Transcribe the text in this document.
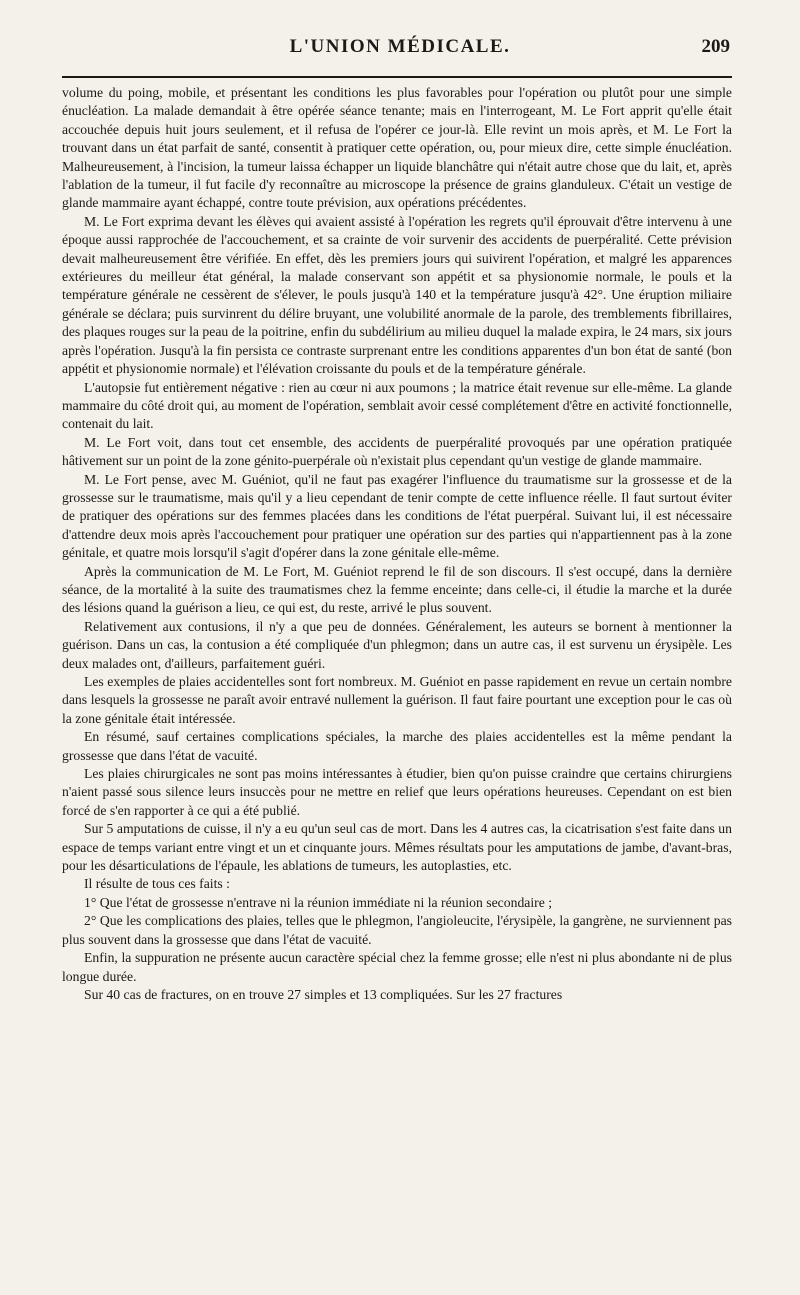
L'UNION MÉDICALE.	209

volume du poing, mobile, et présentant les conditions les plus favorables pour l'opération ou plutôt pour une simple énucléation. La malade demandait à être opérée séance tenante; mais en l'interrogeant, M. Le Fort apprit qu'elle était accouchée depuis huit jours seulement, et il refusa de l'opérer ce jour-là. Elle revint un mois après, et M. Le Fort la trouvant dans un état parfait de santé, consentit à pratiquer cette opération, ou, pour mieux dire, cette simple énucléation. Malheureusement, à l'incision, la tumeur laissa échapper un liquide blanchâtre qui n'était autre chose que du lait, et, après l'ablation de la tumeur, il fut facile d'y reconnaître au microscope la présence de grains glanduleux. C'était un vestige de glande mammaire ayant échappé, contre toute prévision, aux opérations précédentes.

M. Le Fort exprima devant les élèves qui avaient assisté à l'opération les regrets qu'il éprouvait d'être intervenu à une époque aussi rapprochée de l'accouchement, et sa crainte de voir survenir des accidents de puerpéralité. Cette prévision devait malheureusement être vérifiée. En effet, dès les premiers jours qui suivirent l'opération, et malgré les apparences extérieures du meilleur état général, la malade conservant son appétit et sa physionomie normale, le pouls et la température générale ne cessèrent de s'élever, le pouls jusqu'à 140 et la température jusqu'à 42°. Une éruption miliaire générale se déclara; puis survinrent du délire bruyant, une volubilité anormale de la parole, des tremblements fibrillaires, des plaques rouges sur la peau de la poitrine, enfin du subdélirium au milieu duquel la malade expira, le 24 mars, six jours après l'opération. Jusqu'à la fin persista ce contraste surprenant entre les conditions apparentes d'un bon état de santé (bon appétit et physionomie normale) et l'élévation croissante du pouls et de la température générale.

L'autopsie fut entièrement négative : rien au cœur ni aux poumons ; la matrice était revenue sur elle-même. La glande mammaire du côté droit qui, au moment de l'opération, semblait avoir cessé complétement d'être en activité fonctionnelle, contenait du lait.

M. Le Fort voit, dans tout cet ensemble, des accidents de puerpéralité provoqués par une opération pratiquée hâtivement sur un point de la zone génito-puerpérale où n'existait plus cependant qu'un vestige de glande mammaire.

M. Le Fort pense, avec M. Guéniot, qu'il ne faut pas exagérer l'influence du traumatisme sur la grossesse et de la grossesse sur le traumatisme, mais qu'il y a lieu cependant de tenir compte de cette influence réelle. Il faut surtout éviter de pratiquer des opérations sur des femmes placées dans les conditions de l'état puerpéral. Suivant lui, il est nécessaire d'attendre deux mois après l'accouchement pour pratiquer une opération sur des parties qui n'appartiennent pas à la zone génitale, et quatre mois lorsqu'il s'agit d'opérer dans la zone génitale elle-même.

Après la communication de M. Le Fort, M. Guéniot reprend le fil de son discours. Il s'est occupé, dans la dernière séance, de la mortalité à la suite des traumatismes chez la femme enceinte; dans celle-ci, il étudie la marche et la durée des lésions quand la guérison a lieu, ce qui est, du reste, arrivé le plus souvent.

Relativement aux contusions, il n'y a que peu de données. Généralement, les auteurs se bornent à mentionner la guérison. Dans un cas, la contusion a été compliquée d'un phlegmon; dans un autre cas, il est survenu un érysipèle. Les deux malades ont, d'ailleurs, parfaitement guéri.

Les exemples de plaies accidentelles sont fort nombreux. M. Guéniot en passe rapidement en revue un certain nombre dans lesquels la grossesse ne paraît avoir entravé nullement la guérison. Il faut faire pourtant une exception pour le cas où la zone génitale était intéressée.

En résumé, sauf certaines complications spéciales, la marche des plaies accidentelles est la même pendant la grossesse que dans l'état de vacuité.

Les plaies chirurgicales ne sont pas moins intéressantes à étudier, bien qu'on puisse craindre que certains chirurgiens n'aient passé sous silence leurs insuccès pour ne mettre en relief que leurs opérations heureuses. Cependant on est bien forcé de s'en rapporter à ce qui a été publié.

Sur 5 amputations de cuisse, il n'y a eu qu'un seul cas de mort. Dans les 4 autres cas, la cicatrisation s'est faite dans un espace de temps variant entre vingt et un et cinquante jours. Mêmes résultats pour les amputations de jambe, d'avant-bras, pour les désarticulations de l'épaule, les ablations de tumeurs, les autoplasties, etc.

Il résulte de tous ces faits :

1° Que l'état de grossesse n'entrave ni la réunion immédiate ni la réunion secondaire ;

2° Que les complications des plaies, telles que le phlegmon, l'angioleucite, l'érysipèle, la gangrène, ne surviennent pas plus souvent dans la grossesse que dans l'état de vacuité.

Enfin, la suppuration ne présente aucun caractère spécial chez la femme grosse; elle n'est ni plus abondante ni de plus longue durée.

Sur 40 cas de fractures, on en trouve 27 simples et 13 compliquées. Sur les 27 fractures
